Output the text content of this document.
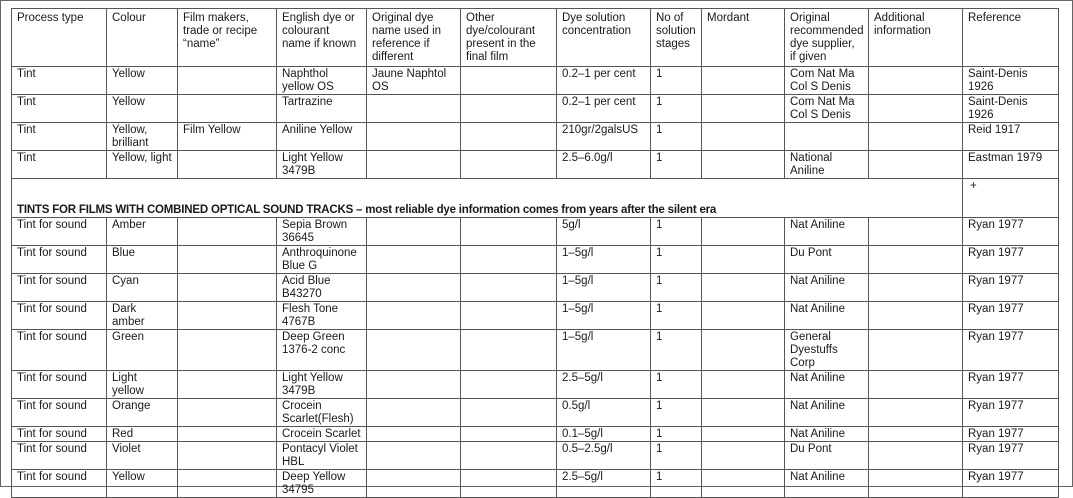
Process type	Colour	Film makers, trade or recipe “name”	English dye or colourant name if known	Original dye name used in reference if different	Other dye/colourant present in the final film	Dye solution concentration	No of solution stages	Mordant	Original recommended dye supplier, if given	Additional information	Reference

Tint	Yellow		Naphthol yellow OS	Jaune Naphtol OS		0.2–1 per cent	1		Com Nat Ma Col S Denis		Saint-Denis 1926

Tint	Yellow		Tartrazine			0.2–1 per cent	1		Com Nat Ma Col S Denis		Saint-Denis 1926

Tint	Yellow, brilliant	Film Yellow	Aniline Yellow			210gr/2galsUS	1				Reid 1917

Tint	Yellow, light		Light Yellow 3479B			2.5–6.0g/l	1		National Aniline		Eastman 1979

TINTS FOR FILMS WITH COMBINED OPTICAL SOUND TRACKS – most reliable dye information comes from years after the silent era											+

Tint for sound	Amber		Sepia Brown 36645			5g/l	1		Nat Aniline		Ryan 1977

Tint for sound	Blue		Anthroquinone Blue G			1–5g/l	1		Du Pont		Ryan 1977

Tint for sound	Cyan		Acid Blue B43270			1–5g/l	1		Nat Aniline		Ryan 1977

Tint for sound	Dark amber		Flesh Tone 4767B			1–5g/l	1		Nat Aniline		Ryan 1977

Tint for sound	Green		Deep Green 1376-2 conc			1–5g/l	1		General Dyestuffs Corp		Ryan 1977

Tint for sound	Light yellow		Light Yellow 3479B			2.5–5g/l	1		Nat Aniline		Ryan 1977

Tint for sound	Orange		Crocein Scarlet(Flesh)			0.5g/l	1		Nat Aniline		Ryan 1977

Tint for sound	Red		Crocein Scarlet			0.1–5g/l	1		Nat Aniline		Ryan 1977

Tint for sound	Violet		Pontacyl Violet HBL			0.5–2.5g/l	1		Du Pont		Ryan 1977

Tint for sound	Yellow		Deep Yellow 34795			2.5–5g/l	1		Nat Aniline		Ryan 1977
